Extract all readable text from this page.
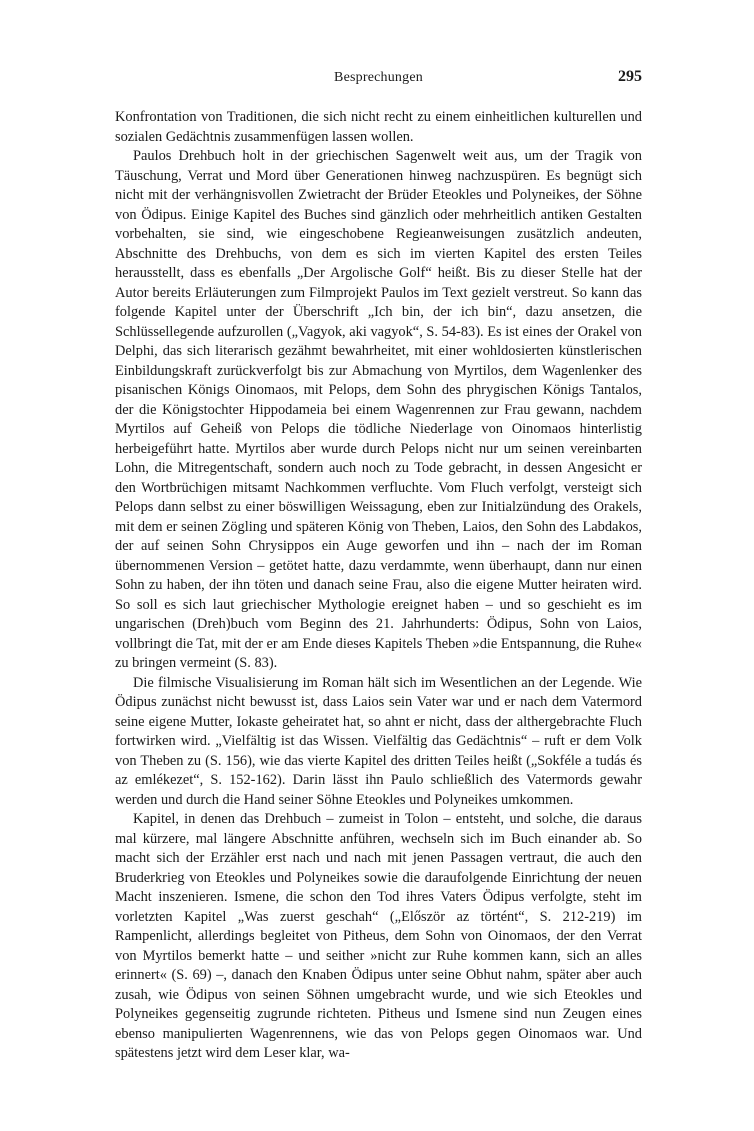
Besprechungen	295

Konfrontation von Traditionen, die sich nicht recht zu einem einheitlichen kulturellen und sozialen Gedächtnis zusammenfügen lassen wollen.

Paulos Drehbuch holt in der griechischen Sagenwelt weit aus, um der Tragik von Täuschung, Verrat und Mord über Generationen hinweg nachzuspüren. Es begnügt sich nicht mit der verhängnisvollen Zwietracht der Brüder Eteokles und Polyneikes, der Söhne von Ödipus. Einige Kapitel des Buches sind gänzlich oder mehrheitlich antiken Gestalten vorbehalten, sie sind, wie eingeschobene Regieanweisungen zusätzlich andeuten, Abschnitte des Drehbuchs, von dem es sich im vierten Kapitel des ersten Teiles herausstellt, dass es ebenfalls „Der Argolische Golf“ heißt. Bis zu dieser Stelle hat der Autor bereits Erläuterungen zum Filmprojekt Paulos im Text gezielt verstreut. So kann das folgende Kapitel unter der Überschrift „Ich bin, der ich bin“, dazu ansetzen, die Schlüssellegende aufzurollen („Vagyok, aki vagyok“, S. 54-83). Es ist eines der Orakel von Delphi, das sich literarisch gezähmt bewahrheitet, mit einer wohldosierten künstlerischen Einbildungskraft zurückverfolgt bis zur Abmachung von Myrtilos, dem Wagenlenker des pisanischen Königs Oinomaos, mit Pelops, dem Sohn des phrygischen Königs Tantalos, der die Königstochter Hippodameia bei einem Wagenrennen zur Frau gewann, nachdem Myrtilos auf Geheiß von Pelops die tödliche Niederlage von Oinomaos hinterlistig herbeigeführt hatte. Myrtilos aber wurde durch Pelops nicht nur um seinen vereinbarten Lohn, die Mitregentschaft, sondern auch noch zu Tode gebracht, in dessen Angesicht er den Wortbrüchigen mitsamt Nachkommen verfluchte. Vom Fluch verfolgt, versteigt sich Pelops dann selbst zu einer böswilligen Weissagung, eben zur Initialzündung des Orakels, mit dem er seinen Zögling und späteren König von Theben, Laios, den Sohn des Labdakos, der auf seinen Sohn Chrysippos ein Auge geworfen und ihn – nach der im Roman übernommenen Version – getötet hatte, dazu verdammte, wenn überhaupt, dann nur einen Sohn zu haben, der ihn töten und danach seine Frau, also die eigene Mutter heiraten wird. So soll es sich laut griechischer Mythologie ereignet haben – und so geschieht es im ungarischen (Dreh)buch vom Beginn des 21. Jahrhunderts: Ödipus, Sohn von Laios, vollbringt die Tat, mit der er am Ende dieses Kapitels Theben »die Entspannung, die Ruhe« zu bringen vermeint (S. 83).

Die filmische Visualisierung im Roman hält sich im Wesentlichen an der Legende. Wie Ödipus zunächst nicht bewusst ist, dass Laios sein Vater war und er nach dem Vatermord seine eigene Mutter, Iokaste geheiratet hat, so ahnt er nicht, dass der althergebrachte Fluch fortwirken wird. „Vielfältig ist das Wissen. Vielfältig das Gedächtnis“ – ruft er dem Volk von Theben zu (S. 156), wie das vierte Kapitel des dritten Teiles heißt („Sokféle a tudás és az emlékezet“, S. 152-162). Darin lässt ihn Paulo schließlich des Vatermords gewahr werden und durch die Hand seiner Söhne Eteokles und Polyneikes umkommen.

Kapitel, in denen das Drehbuch – zumeist in Tolon – entsteht, und solche, die daraus mal kürzere, mal längere Abschnitte anführen, wechseln sich im Buch einander ab. So macht sich der Erzähler erst nach und nach mit jenen Passagen vertraut, die auch den Bruderkrieg von Eteokles und Polyneikes sowie die daraufolgende Einrichtung der neuen Macht inszenieren. Ismene, die schon den Tod ihres Vaters Ödipus verfolgte, steht im vorletzten Kapitel „Was zuerst geschah“ („Először az történt“, S. 212-219) im Rampenlicht, allerdings begleitet von Pitheus, dem Sohn von Oinomaos, der den Verrat von Myrtilos bemerkt hatte – und seither »nicht zur Ruhe kommen kann, sich an alles erinnert« (S. 69) –, danach den Knaben Ödipus unter seine Obhut nahm, später aber auch zusah, wie Ödipus von seinen Söhnen umgebracht wurde, und wie sich Eteokles und Polyneikes gegenseitig zugrunde richteten. Pitheus und Ismene sind nun Zeugen eines ebenso manipulierten Wagenrennens, wie das von Pelops gegen Oinomaos war. Und spätestens jetzt wird dem Leser klar, wa-
